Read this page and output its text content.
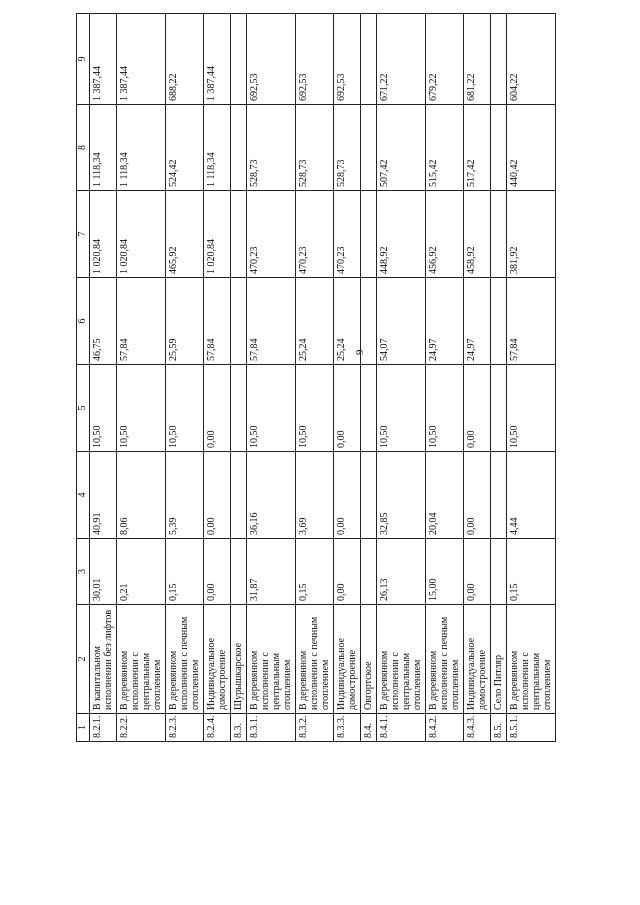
9
1	2	3	4	5	6	7	8	9
8.2.1.	В капитальном исполнении без лифтов	30,01	40,91	10,50	46,75	1 020,84	1 118,34	1 387,44
8.2.2.	В деревянном исполнении с центральным отоплением	0,21	8,06	10,50	57,84	1 020,84	1 118,34	1 387,44
8.2.3.	В деревянном исполнении с печным отоплением	0,15	5,39	10,50	25,59	465,92	524,42	688,22
8.2.4.	Индивидуальное домостроение	0,00	0,00	0,00	57,84	1 020,84	1 118,34	1 387,44
8.3.	Шурышкарское							
8.3.1.	В деревянном исполнении с центральным отоплением	31,87	36,16	10,50	57,84	470,23	528,73	692,53
8.3.2.	В деревянном исполнении с печным отоплением	0,15	3,69	10,50	25,24	470,23	528,73	692,53
8.3.3.	Индивидуальное домостроение	0,00	0,00	0,00	25,24	470,23	528,73	692,53
8.4.	Овгортское							
8.4.1.	В деревянном исполнении с центральным отоплением	26,13	32,85	10,50	54,07	448,92	507,42	671,22
8.4.2.	В деревянном исполнении с печным отоплением	15,00	20,04	10,50	24,97	456,92	515,42	679,22
8.4.3.	Индивидуальное домостроение	0,00	0,00	0,00	24,97	458,92	517,42	681,22
8.5.	Село Питляр							
8.5.1.	В деревянном исполнении с центральным отоплением	0,15	4,44	10,50	57,84	381,92	440,42	604,22
